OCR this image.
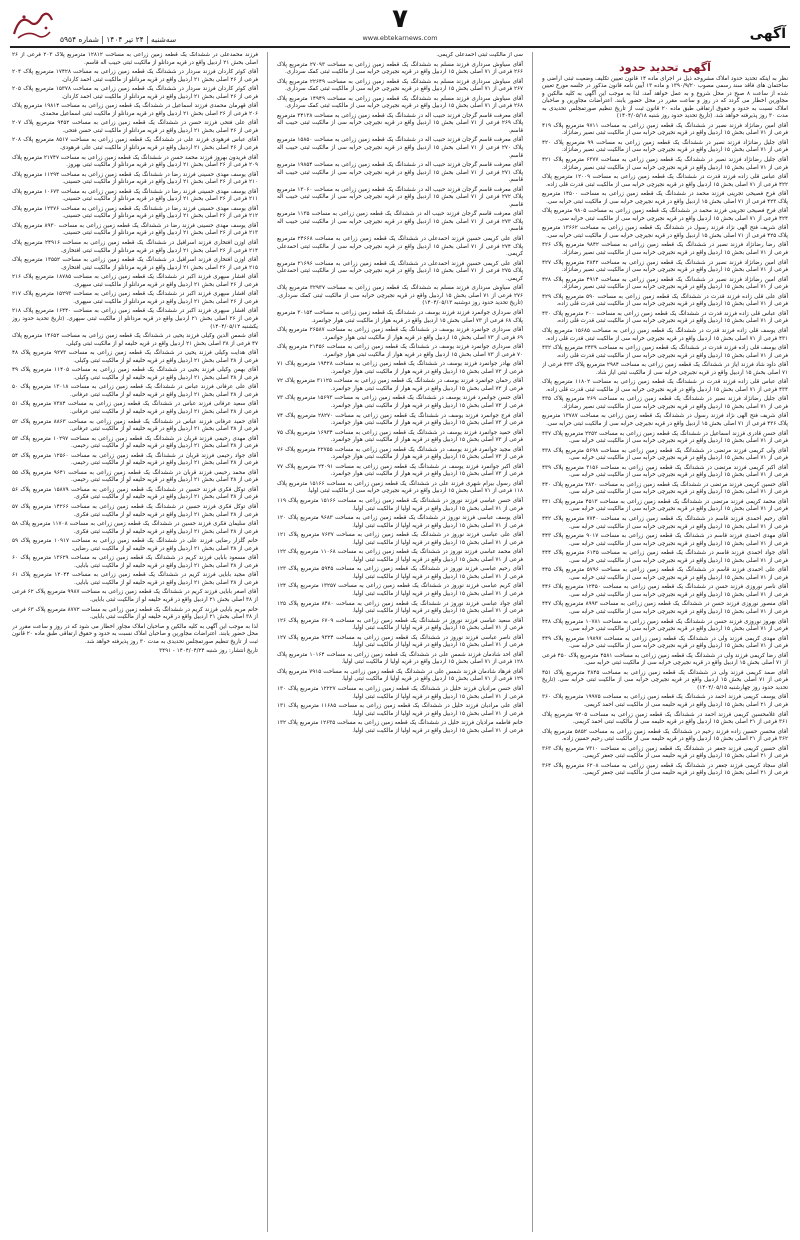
سه‌شنبه | ۲۴ تیر ۱۴۰۴ | شماره ۵۹۵۴
۷
www.ebtekarnews.com	آگهی
آگهی تحدید حدود

نظر به اینکه تحدید حدود املاک مشروحه ذیل در اجرای ماده ۱۴ قانون تعیین تکلیف وضعیت ثبتی اراضی و ساختمان های فاقد سند رسمی مصوب ۱۳۹۰/۹/۲۰ و ماده ۱۳ آیین نامه قانون مذکور در جلسه مورخ تعیین شده از ساعت ۸ صبح در محل شروع و به عمل خواهد آمد، لذا به موجب این آگهی به کلیه مالکین و مجاورین اخطار می گردد که در روز و ساعت مقرر در محل حضور یابند. اعتراضات مجاورین و صاحبان املاک نسبت به حدود و حقوق ارتفاقی طبق ماده ۲۰ قانون ثبت از تاریخ تنظیم صورتمجلس تحدیدی به مدت ۳۰ روز پذیرفته خواهد شد. (تاریخ تحدید حدود روز شنبه ۱۴۰۴/۰۵/۱۸)

آقای امین رضانژاد فرزند نصیر در ششدانگ یک قطعه زمین زراعی به مساحت ۹۷۱۱ مترمربع پلاک ۴۱۹ فرعی از ۷۱ اصلی بخش ۱۵ اردبیل واقع در قریه نجیرچی خرابه سی از مالکیت ثبتی نصیر رضانژاد.

آقای جلیل رضانژاد فرزند نصیر در ششدانگ یک قطعه زمین زراعی به مساحت ۹۹ مترمربع پلاک ۴۲۰ فرعی از ۷۱ اصلی بخش ۱۵ اردبیل واقع در قریه نجیرچی خرابه سی از مالکیت ثبتی نصیر رضانژاد.

آقای جلیل رضانژاد فرزند نصیر در ششدانگ یک قطعه زمین زراعی به مساحت ۶۳۷۷ مترمربع پلاک ۴۲۱ فرعی از ۷۱ اصلی بخش ۱۵ اردبیل واقع در قریه نجیرچی خرابه سی از مالکیت ثبتی نصیر رضانژاد.

آقای عباس قلی زاده فرزند قدرت در ششدانگ یک قطعه زمین زراعی به مساحت ۱۲۰۰۹ مترمربع پلاک ۴۲۲ فرعی از ۷۱ اصلی بخش ۱۵ اردبیل واقع در قریه نجیرچی خرابه سی از مالکیت ثبتی قدرت قلی زاده.

آقای فرخ فصیحی تجرینی فرزند محمد در ششدانگ یک قطعه زمین زراعی به مساحت ۱۴۵۰۰ مترمربع پلاک ۴۲۳ فرعی از ۷۱ اصلی بخش ۱۵ اردبیل واقع در قریه نجیرچی خرابه سی از مالکیت ثبتی خرابه سی.

آقای فرخ فصیحی تجرینی فرزند محمد در ششدانگ یک قطعه زمین زراعی به مساحت ۹۸۰۵ مترمربع پلاک ۴۲۴ فرعی از ۷۱ اصلی بخش ۱۵ اردبیل واقع در قریه نجیرچی خرابه سی از مالکیت ثبتی خرابه سی.

آقای شریف فتح الهی نژاد فرزند رسول در ششدانگ یک قطعه زمین زراعی به مساحت ۱۳۶۶۲ مترمربع پلاک ۴۲۵ فرعی از ۷۱ اصلی بخش ۱۵ اردبیل واقع در قریه نجیرچی خرابه سی از مالکیت ثبتی خرابه سی.

آقای رضا رضانژاد فرزند نصیر در ششدانگ یک قطعه زمین زراعی به مساحت ۹۸۴۲ مترمربع پلاک ۴۲۶ فرعی از ۷۱ اصلی بخش ۱۵ اردبیل واقع در قریه نجیرچی خرابه سی از مالکیت ثبتی نصیر رضانژاد.

آقای امین رضانژاد فرزند نصیر در ششدانگ یک قطعه زمین زراعی به مساحت ۲۸۴۲ مترمربع پلاک ۴۲۷ فرعی از ۷۱ اصلی بخش ۱۵ اردبیل واقع در قریه نجیرچی خرابه سی از مالکیت ثبتی نصیر رضانژاد.

آقای امین رضانژاد فرزند نصیر در ششدانگ یک قطعه زمین زراعی به مساحت ۴۹۱۴ مترمربع پلاک ۴۲۸ فرعی از ۷۱ اصلی بخش ۱۵ اردبیل واقع در قریه نجیرچی خرابه سی از مالکیت ثبتی نصیر رضانژاد.

آقای علی قلی زاده فرزند قدرت در ششدانگ یک قطعه زمین زراعی به مساحت ۵۹۰ مترمربع پلاک ۴۲۹ فرعی از ۷۱ اصلی بخش ۱۵ اردبیل واقع در قریه نجیرچی خرابه سی از مالکیت ثبتی قدرت قلی زاده.

آقای عباس قلی زاده فرزند قدرت در ششدانگ یک قطعه زمین زراعی به مساحت ۲۰۰ مترمربع پلاک ۴۳۰ فرعی از ۷۱ اصلی بخش ۱۵ اردبیل واقع در قریه نجیرچی خرابه سی از مالکیت ثبتی قدرت قلی زاده.

آقای یوسف قلی زاده فرزند قدرت در ششدانگ یک قطعه زمین زراعی به مساحت ۱۵۶۸۵ مترمربع پلاک ۴۳۱ فرعی از ۷۱ اصلی بخش ۱۵ اردبیل واقع در قریه نجیرچی خرابه سی از مالکیت ثبتی قدرت قلی زاده.

آقای یوسف قلی زاده فرزند قدرت در ششدانگ یک قطعه زمین زراعی به مساحت ۲۴۳۹ مترمربع پلاک ۴۳۲ فرعی از ۷۱ اصلی بخش ۱۵ اردبیل واقع در قریه نجیرچی خرابه سی از مالکیت ثبتی قدرت قلی زاده.

آقای داود شاد فرزند ایاز در ششدانگ یک قطعه زمین زراعی به مساحت ۲۹۸۴ مترمربع پلاک ۴۳۳ فرعی از ۷۱ اصلی بخش ۱۵ اردبیل واقع در قریه نجیرچی خرابه سی از مالکیت ثبتی ایاز شاد.

آقای عباس قلی زاده فرزند قدرت در ششدانگ یک قطعه زمین زراعی به مساحت ۱۱۸۰۲ مترمربع پلاک ۴۳۴ فرعی از ۷۱ اصلی بخش ۱۵ اردبیل واقع در قریه نجیرچی خرابه سی از مالکیت ثبتی قدرت قلی زاده.

آقای جلیل رضانژاد فرزند نصیر در ششدانگ یک قطعه زمین زراعی به مساحت ۲۶۹ مترمربع پلاک ۴۳۵ فرعی از ۷۱ اصلی بخش ۱۵ اردبیل واقع در قریه نجیرچی خرابه سی از مالکیت ثبتی نصیر رضانژاد.

آقای شریف فتح الهی نژاد فرزند رسول در ششدانگ یک قطعه زمین زراعی به مساحت ۱۳۷۸۷ مترمربع پلاک ۴۳۶ فرعی از ۷۱ اصلی بخش ۱۵ اردبیل واقع در قریه نجیرچی خرابه سی از مالکیت ثبتی خرابه سی.

آقای حسن قادری فرزند اسماعیل در ششدانگ یک قطعه زمین زراعی به مساحت ۲۲۵۲ مترمربع پلاک ۴۳۷ فرعی از ۷۱ اصلی بخش ۱۵ اردبیل واقع در قریه نجیرچی خرابه سی از مالکیت ثبتی خرابه سی.

آقای ولی کریمی فرزند مرتضی در ششدانگ یک قطعه زمین زراعی به مساحت ۵۶۹۸ مترمربع پلاک ۴۳۸ فرعی از ۷۱ اصلی بخش ۱۵ اردبیل واقع در قریه نجیرچی خرابه سی از مالکیت ثبتی خرابه سی.

آقای اکبر کریمی فرزند مرتضی در ششدانگ یک قطعه زمین زراعی به مساحت ۳۱۵۶ مترمربع پلاک ۴۳۹ فرعی از ۷۱ اصلی بخش ۱۵ اردبیل واقع در قریه نجیرچی خرابه سی از مالکیت ثبتی خرابه سی.

آقای حسین کریمی فرزند مرتضی در ششدانگ یک قطعه زمین زراعی به مساحت ۲۸۲۰ مترمربع پلاک ۴۴۰ فرعی از ۷۱ اصلی بخش ۱۵ اردبیل واقع در قریه نجیرچی خرابه سی از مالکیت ثبتی خرابه سی.

آقای محمد کریمی فرزند مرتضی در ششدانگ یک قطعه زمین زراعی به مساحت ۴۵۱۳ مترمربع پلاک ۴۴۱ فرعی از ۷۱ اصلی بخش ۱۵ اردبیل واقع در قریه نجیرچی خرابه سی از مالکیت ثبتی خرابه سی.

آقای رحیم احمدی فرزند قاسم در ششدانگ یک قطعه زمین زراعی به مساحت ۷۷۴۰ مترمربع پلاک ۴۴۲ فرعی از ۷۱ اصلی بخش ۱۵ اردبیل واقع در قریه نجیرچی خرابه سی از مالکیت ثبتی خرابه سی.

آقای مهدی احمدی فرزند قاسم در ششدانگ یک قطعه زمین زراعی به مساحت ۹۰۱۷ مترمربع پلاک ۴۴۳ فرعی از ۷۱ اصلی بخش ۱۵ اردبیل واقع در قریه نجیرچی خرابه سی از مالکیت ثبتی خرابه سی.

آقای جواد احمدی فرزند قاسم در ششدانگ یک قطعه زمین زراعی به مساحت ۶۱۴۵ مترمربع پلاک ۴۴۴ فرعی از ۷۱ اصلی بخش ۱۵ اردبیل واقع در قریه نجیرچی خرابه سی از مالکیت ثبتی خرابه سی.

آقای علی احمدی فرزند قاسم در ششدانگ یک قطعه زمین زراعی به مساحت ۵۷۹۶ مترمربع پلاک ۴۴۵ فرعی از ۷۱ اصلی بخش ۱۵ اردبیل واقع در قریه نجیرچی خرابه سی از مالکیت ثبتی خرابه سی.

آقای ناصر نوروزی فرزند حسن در ششدانگ یک قطعه زمین زراعی به مساحت ۱۲۴۵۰ مترمربع پلاک ۴۴۶ فرعی از ۷۱ اصلی بخش ۱۵ اردبیل واقع در قریه نجیرچی خرابه سی از مالکیت ثبتی خرابه سی.

آقای منصور نوروزی فرزند حسن در ششدانگ یک قطعه زمین زراعی به مساحت ۸۹۹۳ مترمربع پلاک ۴۴۷ فرعی از ۷۱ اصلی بخش ۱۵ اردبیل واقع در قریه نجیرچی خرابه سی از مالکیت ثبتی خرابه سی.

آقای بهروز نوروزی فرزند حسن در ششدانگ یک قطعه زمین زراعی به مساحت ۱۰۷۸۱ مترمربع پلاک ۴۴۸ فرعی از ۷۱ اصلی بخش ۱۵ اردبیل واقع در قریه نجیرچی خرابه سی از مالکیت ثبتی خرابه سی.

آقای مهدی کریمی فرزند ولی در ششدانگ یک قطعه زمین زراعی به مساحت ۱۹۸۹۷ مترمربع پلاک ۴۴۹ فرعی از ۷۱ اصلی بخش ۱۵ اردبیل واقع در قریه نجیرچی خرابه سی از مالکیت ثبتی خرابه سی.

آقای رضا کریمی فرزند ولی در ششدانگ یک قطعه زمین زراعی به مساحت ۴۵۸۱ مترمربع پلاک ۴۵۰ فرعی از ۷۱ اصلی بخش ۱۵ اردبیل واقع در قریه نجیرچی خرابه سی از مالکیت ثبتی خرابه سی.

آقای صمد کریمی فرزند ولی در ششدانگ یک قطعه زمین زراعی به مساحت ۳۸۴۵ مترمربع پلاک ۴۵۱ فرعی از ۷۱ اصلی بخش ۱۵ اردبیل واقع در قریه نجیرچی خرابه سی از مالکیت ثبتی خرابه سی. (تاریخ تحدید حدود روز چهارشنبه ۱۴۰۴/۰۵/۱۵)

آقای یوسف کریمی فرزند احمد در ششدانگ یک قطعه زمین زراعی به مساحت ۱۹۹۷۵ مترمربع پلاک ۳۶۰ فرعی از ۲۱ اصلی بخش ۱۵ اردبیل واقع در قریه حلیمه سی از مالکیت ثبتی احمد کریمی.

آقای غلامحسین کریمی فرزند احمد در ششدانگ یک قطعه زمین زراعی به مساحت ۹۲۰۵ مترمربع پلاک ۳۶۱ فرعی از ۲۱ اصلی بخش ۱۵ اردبیل واقع در قریه حلیمه سی از مالکیت ثبتی احمد کریمی.

آقای محسن حسین زاده فرزند رحیم در ششدانگ یک قطعه زمین زراعی به مساحت ۵۸۵۲ مترمربع پلاک ۳۶۲ فرعی از ۲۱ اصلی بخش ۱۵ اردبیل واقع در قریه حلیمه سی از مالکیت ثبتی رحیم حسین زاده.

آقای حسین کریمی فرزند جعفر در ششدانگ یک قطعه زمین زراعی به مساحت ۷۳۱۰ مترمربع پلاک ۳۶۳ فرعی از ۲۱ اصلی بخش ۱۵ اردبیل واقع در قریه حلیمه سی از مالکیت ثبتی جعفر کریمی.

آقای سجاد کریمی فرزند جعفر در ششدانگ یک قطعه زمین زراعی به مساحت ۶۲۰۸ مترمربع پلاک ۳۶۴ فرعی از ۲۱ اصلی بخش ۱۵ اردبیل واقع در قریه حلیمه سی از مالکیت ثبتی جعفر کریمی.

سی از مالکیت ثبتی احمدعلی کریمی.

آقای سیاوش سرداری فرزند مسلم به ششدانگ یک قطعه زمین زراعی به مساحت ۲۷۰۹۳ مترمربع پلاک ۲۶۶ فرعی از ۷۱ اصلی بخش ۱۵ اردبیل واقع در قریه نجیرچی خرابه سی از مالکیت ثبتی کمک سرداری.

آقای سیاوش سرداری فرزند مسلم به ششدانگ یک قطعه زمین زراعی به مساحت ۲۲۶۴۹ مترمربع پلاک ۲۶۷ فرعی از ۷۱ اصلی بخش ۱۵ اردبیل واقع در قریه نجیرچی خرابه سی از مالکیت ثبتی کمک سرداری.

آقای سیاوش سرداری فرزند مسلم به ششدانگ یک قطعه زمین زراعی به مساحت ۱۴۹۴۹ مترمربع پلاک ۲۶۸ فرعی از ۷۱ اصلی بخش ۱۵ اردبیل واقع در قریه نجیرچی خرابه سی از مالکیت ثبتی کمک سرداری.

آقای معرفت قاسم گرجان فرزند حبیب اله در ششدانگ یک قطعه زمین زراعی به مساحت ۳۴۱۳۸ مترمربع پلاک ۲۶۹ فرعی از ۷۱ اصلی بخش ۱۵ اردبیل واقع در قریه نجیرچی خرابه سی از مالکیت ثبتی حبیب اله قاسم.

آقای معرفت قاسم گرجان فرزند حبیب اله در ششدانگ یک قطعه زمین زراعی به مساحت ۱۵۸۵۰ مترمربع پلاک ۲۷۰ فرعی از ۷۱ اصلی بخش ۱۵ اردبیل واقع در قریه نجیرچی خرابه سی از مالکیت ثبتی حبیب اله قاسم.

آقای معرفت قاسم گرجان فرزند حبیب اله در ششدانگ یک قطعه زمین زراعی به مساحت ۱۹۸۵۴ مترمربع پلاک ۲۷۱ فرعی از ۷۱ اصلی بخش ۱۵ اردبیل واقع در قریه نجیرچی خرابه سی از مالکیت ثبتی حبیب اله قاسم.

آقای معرفت قاسم گرجان فرزند حبیب اله در ششدانگ یک قطعه زمین زراعی به مساحت ۱۳۰۶۰ مترمربع پلاک ۲۷۲ فرعی از ۷۱ اصلی بخش ۱۵ اردبیل واقع در قریه نجیرچی خرابه سی از مالکیت ثبتی حبیب اله قاسم.

آقای معرفت قاسم گرجان فرزند حبیب اله در ششدانگ یک قطعه زمین زراعی به مساحت ۱۱۳۵ مترمربع پلاک ۲۷۳ فرعی از ۷۱ اصلی بخش ۱۵ اردبیل واقع در قریه نجیرچی خرابه سی از مالکیت ثبتی حبیب اله قاسم.

آقای علی کریمی حسین فرزند احمدعلی در ششدانگ یک قطعه زمین زراعی به مساحت ۲۴۶۶۸ مترمربع پلاک ۲۷۴ فرعی از ۷۱ اصلی بخش ۱۵ اردبیل واقع در قریه نجیرچی خرابه سی از مالکیت ثبتی احمدعلی کریمی.

آقای علی کریمی حسین فرزند احمدعلی در ششدانگ یک قطعه زمین زراعی به مساحت ۲۱۶۹۶ مترمربع پلاک ۲۷۵ فرعی از ۷۱ اصلی بخش ۱۵ اردبیل واقع در قریه نجیرچی خرابه سی از مالکیت ثبتی احمدعلی کریمی.

آقای سیاوش سرداری فرزند مسلم به ششدانگ یک قطعه زمین زراعی به مساحت ۳۲۹۳۷ مترمربع پلاک ۲۷۶ فرعی از ۷۱ اصلی بخش ۱۵ اردبیل واقع در قریه نجیرچی خرابه سی از مالکیت ثبتی کمک سرداری. (تاریخ تحدید حدود روز دوشنبه ۱۴۰۴/۰۵/۱۳)

آقای سرداری جوانمرد فرزند فرزند یوسف در ششدانگ یک قطعه زمین زراعی به مساحت ۳۰۱۵۴ مترمربع پلاک ۶۸ فرعی از ۷۳ اصلی بخش ۱۵ اردبیل واقع در قریه هوار از مالکیت ثبتی هوار جوانمرد.

آقای سرداری جوانمرد فرزند یوسف در ششدانگ یک قطعه زمین زراعی به مساحت ۲۶۵۸۷ مترمربع پلاک ۶۹ فرعی از ۷۳ اصلی بخش ۱۵ اردبیل واقع در قریه هوار از مالکیت ثبتی هوار جوانمرد.

آقای سرداری جوانمرد فرزند یوسف در ششدانگ یک قطعه زمین زراعی به مساحت ۲۱۴۵۶ مترمربع پلاک ۷۰ فرعی از ۷۳ اصلی بخش ۱۵ اردبیل واقع در قریه هوار از مالکیت ثبتی هوار جوانمرد.

آقای بهادر جوانمرد فرزند یوسف در ششدانگ یک قطعه زمین زراعی به مساحت ۱۹۴۲۸ مترمربع پلاک ۷۱ فرعی از ۷۳ اصلی بخش ۱۵ اردبیل واقع در قریه هوار از مالکیت ثبتی هوار جوانمرد.

آقای رحمان جوانمرد فرزند یوسف در ششدانگ یک قطعه زمین زراعی به مساحت ۳۱۱۲۵ مترمربع پلاک ۷۲ فرعی از ۷۳ اصلی بخش ۱۵ اردبیل واقع در قریه هوار از مالکیت ثبتی هوار جوانمرد.

آقای حسن جوانمرد فرزند یوسف در ششدانگ یک قطعه زمین زراعی به مساحت ۱۵۶۹۳ مترمربع پلاک ۷۳ فرعی از ۷۳ اصلی بخش ۱۵ اردبیل واقع در قریه هوار از مالکیت ثبتی هوار جوانمرد.

آقای فرج جوانمرد فرزند یوسف در ششدانگ یک قطعه زمین زراعی به مساحت ۲۸۲۷۰ مترمربع پلاک ۷۴ فرعی از ۷۳ اصلی بخش ۱۵ اردبیل واقع در قریه هوار از مالکیت ثبتی هوار جوانمرد.

آقای حمید جوانمرد فرزند یوسف در ششدانگ یک قطعه زمین زراعی به مساحت ۱۶۹۳۴ مترمربع پلاک ۷۵ فرعی از ۷۳ اصلی بخش ۱۵ اردبیل واقع در قریه هوار از مالکیت ثبتی هوار جوانمرد.

آقای مجید جوانمرد فرزند یوسف در ششدانگ یک قطعه زمین زراعی به مساحت ۲۲۷۵۵ مترمربع پلاک ۷۶ فرعی از ۷۳ اصلی بخش ۱۵ اردبیل واقع در قریه هوار از مالکیت ثبتی هوار جوانمرد.

آقای اکبر جوانمرد فرزند یوسف در ششدانگ یک قطعه زمین زراعی به مساحت ۲۴۰۹۱ مترمربع پلاک ۷۷ فرعی از ۷۳ اصلی بخش ۱۵ اردبیل واقع در قریه هوار از مالکیت ثبتی هوار جوانمرد.

آقای رسول بیرام شهری فرزند علی در ششدانگ یک قطعه زمین زراعی به مساحت ۱۵۱۶۶ مترمربع پلاک ۱۱۸ فرعی از ۷۱ اصلی بخش ۱۵ اردبیل واقع در قریه نجیرچی خرابه سی از مالکیت ثبتی اولیا.

آقای حسن عباسی فرزند نوروز در ششدانگ یک قطعه زمین زراعی به مساحت ۱۵۱۶۶ مترمربع پلاک ۱۱۹ فرعی از ۷۱ اصلی بخش ۱۵ اردبیل واقع در قریه اولیا از مالکیت ثبتی اولیا.

آقای یوسف عباسی فرزند نوروز در ششدانگ یک قطعه زمین زراعی به مساحت ۹۶۸۳ مترمربع پلاک ۱۲۰ فرعی از ۷۱ اصلی بخش ۱۵ اردبیل واقع در قریه اولیا از مالکیت ثبتی اولیا.

آقای علی عباسی فرزند نوروز در ششدانگ یک قطعه زمین زراعی به مساحت ۷۶۳۷ مترمربع پلاک ۱۲۱ فرعی از ۷۱ اصلی بخش ۱۵ اردبیل واقع در قریه اولیا از مالکیت ثبتی اولیا.

آقای محمد عباسی فرزند نوروز در ششدانگ یک قطعه زمین زراعی به مساحت ۱۱۰۶۸ مترمربع پلاک ۱۲۲ فرعی از ۷۱ اصلی بخش ۱۵ اردبیل واقع در قریه اولیا از مالکیت ثبتی اولیا.

آقای رحیم عباسی فرزند نوروز در ششدانگ یک قطعه زمین زراعی به مساحت ۵۹۴۵ مترمربع پلاک ۱۲۳ فرعی از ۷۱ اصلی بخش ۱۵ اردبیل واقع در قریه اولیا از مالکیت ثبتی اولیا.

آقای کریم عباسی فرزند نوروز در ششدانگ یک قطعه زمین زراعی به مساحت ۱۳۲۵۷ مترمربع پلاک ۱۲۴ فرعی از ۷۱ اصلی بخش ۱۵ اردبیل واقع در قریه اولیا از مالکیت ثبتی اولیا.

آقای جواد عباسی فرزند نوروز در ششدانگ یک قطعه زمین زراعی به مساحت ۸۴۸۰ مترمربع پلاک ۱۲۵ فرعی از ۷۱ اصلی بخش ۱۵ اردبیل واقع در قریه اولیا از مالکیت ثبتی اولیا.

آقای سعید عباسی فرزند نوروز در ششدانگ یک قطعه زمین زراعی به مساحت ۶۷۰۹ مترمربع پلاک ۱۲۶ فرعی از ۷۱ اصلی بخش ۱۵ اردبیل واقع در قریه اولیا از مالکیت ثبتی اولیا.

آقای ناصر عباسی فرزند نوروز در ششدانگ یک قطعه زمین زراعی به مساحت ۹۳۲۴ مترمربع پلاک ۱۲۷ فرعی از ۷۱ اصلی بخش ۱۵ اردبیل واقع در قریه اولیا از مالکیت ثبتی اولیا.

آقای احد شادمان فرزند شمس علی در ششدانگ یک قطعه زمین زراعی به مساحت ۱۰۱۶۴ مترمربع پلاک ۱۲۸ فرعی از ۷۱ اصلی بخش ۱۵ اردبیل واقع در قریه اولیا از مالکیت ثبتی اولیا.

آقای فرهاد شادمان فرزند شمس علی در ششدانگ یک قطعه زمین زراعی به مساحت ۷۹۱۵ مترمربع پلاک ۱۲۹ فرعی از ۷۱ اصلی بخش ۱۵ اردبیل واقع در قریه اولیا از مالکیت ثبتی اولیا.

آقای حسن مرادیان فرزند خلیل در ششدانگ یک قطعه زمین زراعی به مساحت ۱۲۲۲۷ مترمربع پلاک ۱۳۰ فرعی از ۷۱ اصلی بخش ۱۵ اردبیل واقع در قریه اولیا از مالکیت ثبتی اولیا.

آقای علی مرادیان فرزند خلیل در ششدانگ یک قطعه زمین زراعی به مساحت ۱۱۶۸۵ مترمربع پلاک ۱۳۱ فرعی از ۷۱ اصلی بخش ۱۵ اردبیل واقع در قریه اولیا از مالکیت ثبتی اولیا.

خانم فاطمه مرادیان فرزند خلیل در ششدانگ یک قطعه زمین زراعی به مساحت ۱۲۶۳۵ مترمربع پلاک ۱۳۲ فرعی از ۷۱ اصلی بخش ۱۵ اردبیل واقع در قریه اولیا از مالکیت ثبتی اولیا.

فرزند محمدعلی در ششدانگ یک قطعه زمین زراعی به مساحت ۱۲۸۱۲ مترمربع پلاک ۲۰۳ فرعی از ۲۶ اصلی بخش ۲۱ اردبیل واقع در قریه مردانلو از مالکیت ثبتی حبیب اله قاسم.

آقای کوثر کاردان فرزند سردار در ششدانگ یک قطعه زمین زراعی به مساحت ۱۷۴۲۸ مترمربع پلاک ۲۰۴ فرعی از ۲۶ اصلی بخش ۲۱ اردبیل واقع در قریه مردانلو از مالکیت ثبتی احمد کاردان.

آقای کوثر کاردان فرزند سردار در ششدانگ یک قطعه زمین زراعی به مساحت ۱۵۳۷۸ مترمربع پلاک ۲۰۵ فرعی از ۲۶ اصلی بخش ۲۱ اردبیل واقع در قریه مردانلو از مالکیت ثبتی احمد کاردان.

آقای قهرمان محمدی فرزند اسماعیل در ششدانگ یک قطعه زمین زراعی به مساحت ۱۹۸۱۴ مترمربع پلاک ۲۰۶ فرعی از ۲۶ اصلی بخش ۲۱ اردبیل واقع در قریه مردانلو از مالکیت ثبتی اسماعیل محمدی.

آقای علی فتحی فرزند حسن در ششدانگ یک قطعه زمین زراعی به مساحت ۹۴۵۲ مترمربع پلاک ۲۰۷ فرعی از ۲۶ اصلی بخش ۲۱ اردبیل واقع در قریه مردانلو از مالکیت ثبتی حسن فتحی.

آقای عباس فرهودی فرزند علی در ششدانگ یک قطعه زمین زراعی به مساحت ۸۵۱۷ مترمربع پلاک ۲۰۸ فرعی از ۲۶ اصلی بخش ۲۱ اردبیل واقع در قریه مردانلو از مالکیت ثبتی علی فرهودی.

آقای فریدون بهروز فرزند محمد حسن در ششدانگ یک قطعه زمین زراعی به مساحت ۲۱۷۴۷ مترمربع پلاک ۲۰۹ فرعی از ۲۶ اصلی بخش ۲۱ اردبیل واقع در قریه مردانلو از مالکیت ثبتی بهروز.

آقای یوسف مهدی حسینی فرزند رضا در ششدانگ یک قطعه زمین زراعی به مساحت ۱۱۲۹۴ مترمربع پلاک ۲۱۰ فرعی از ۲۶ اصلی بخش ۲۱ اردبیل واقع در قریه مردانلو از مالکیت ثبتی حسینی.

آقای یوسف مهدی حسینی فرزند رضا در ششدانگ یک قطعه زمین زراعی به مساحت ۱۰۶۷۳ مترمربع پلاک ۲۱۱ فرعی از ۲۶ اصلی بخش ۲۱ اردبیل واقع در قریه مردانلو از مالکیت ثبتی حسینی.

آقای یوسف مهدی حسینی فرزند رضا در ششدانگ یک قطعه زمین زراعی به مساحت ۱۲۳۷۶ مترمربع پلاک ۲۱۲ فرعی از ۲۶ اصلی بخش ۲۱ اردبیل واقع در قریه مردانلو از مالکیت ثبتی حسینی.

آقای یوسف مهدی حسینی فرزند رضا در ششدانگ یک قطعه زمین زراعی به مساحت ۸۹۳۰ مترمربع پلاک ۲۱۳ فرعی از ۲۶ اصلی بخش ۲۱ اردبیل واقع در قریه مردانلو از مالکیت ثبتی حسینی.

آقای اوزن افتخاری فرزند اسرافیل در ششدانگ یک قطعه زمین زراعی به مساحت ۲۴۹۱۶ مترمربع پلاک ۲۱۴ فرعی از ۲۶ اصلی بخش ۲۱ اردبیل واقع در قریه مردانلو از مالکیت ثبتی افتخاری.

آقای اوزن افتخاری فرزند اسرافیل در ششدانگ یک قطعه زمین زراعی به مساحت ۱۳۵۵۲ مترمربع پلاک ۲۱۵ فرعی از ۲۶ اصلی بخش ۲۱ اردبیل واقع در قریه مردانلو از مالکیت ثبتی افتخاری.

آقای افشار سپهری فرزند اکبر در ششدانگ یک قطعه زمین زراعی به مساحت ۱۸۷۸۵ مترمربع پلاک ۲۱۶ فرعی از ۲۶ اصلی بخش ۲۱ اردبیل واقع در قریه مردانلو از مالکیت ثبتی سپهری.

آقای افشار سپهری فرزند اکبر در ششدانگ یک قطعه زمین زراعی به مساحت ۱۵۲۹۳ مترمربع پلاک ۲۱۷ فرعی از ۲۶ اصلی بخش ۲۱ اردبیل واقع در قریه مردانلو از مالکیت ثبتی سپهری.

آقای افشار سپهری فرزند اکبر در ششدانگ یک قطعه زمین زراعی به مساحت ۱۶۴۴۰ مترمربع پلاک ۲۱۸ فرعی از ۲۶ اصلی بخش ۲۱ اردبیل واقع در قریه مردانلو از مالکیت ثبتی سپهری. (تاریخ تحدید حدود روز یکشنبه ۱۴۰۴/۰۵/۱۲)

آقای شمس الدین وکیلی فرزند یحیی در ششدانگ یک قطعه زمین زراعی به مساحت ۱۴۶۵۲ مترمربع پلاک ۴۷ فرعی از ۳۸ اصلی بخش ۲۱ اردبیل واقع در قریه خلیفه لو از مالکیت ثبتی وکیلی.

آقای هدایت وکیلی فرزند یحیی در ششدانگ یک قطعه زمین زراعی به مساحت ۹۲۷۳ مترمربع پلاک ۴۸ فرعی از ۳۸ اصلی بخش ۲۱ اردبیل واقع در قریه خلیفه لو از مالکیت ثبتی وکیلی.

آقای بهمن وکیلی فرزند یحیی در ششدانگ یک قطعه زمین زراعی به مساحت ۱۱۴۰۵ مترمربع پلاک ۴۹ فرعی از ۳۸ اصلی بخش ۲۱ اردبیل واقع در قریه خلیفه لو از مالکیت ثبتی وکیلی.

آقای علی عرفانی فرزند عباس در ششدانگ یک قطعه زمین زراعی به مساحت ۱۳۰۱۸ مترمربع پلاک ۵۰ فرعی از ۳۸ اصلی بخش ۲۱ اردبیل واقع در قریه خلیفه لو از مالکیت ثبتی عرفانی.

آقای سعید عرفانی فرزند عباس در ششدانگ یک قطعه زمین زراعی به مساحت ۷۳۸۴ مترمربع پلاک ۵۱ فرعی از ۳۸ اصلی بخش ۲۱ اردبیل واقع در قریه خلیفه لو از مالکیت ثبتی عرفانی.

آقای حمید عرفانی فرزند عباس در ششدانگ یک قطعه زمین زراعی به مساحت ۸۸۶۳ مترمربع پلاک ۵۲ فرعی از ۳۸ اصلی بخش ۲۱ اردبیل واقع در قریه خلیفه لو از مالکیت ثبتی عرفانی.

آقای مهدی رحیمی فرزند قربان در ششدانگ یک قطعه زمین زراعی به مساحت ۱۰۲۹۷ مترمربع پلاک ۵۳ فرعی از ۳۸ اصلی بخش ۲۱ اردبیل واقع در قریه خلیفه لو از مالکیت ثبتی رحیمی.

آقای جواد رحیمی فرزند قربان در ششدانگ یک قطعه زمین زراعی به مساحت ۱۲۵۶۰ مترمربع پلاک ۵۴ فرعی از ۳۸ اصلی بخش ۲۱ اردبیل واقع در قریه خلیفه لو از مالکیت ثبتی رحیمی.

آقای محمد رحیمی فرزند قربان در ششدانگ یک قطعه زمین زراعی به مساحت ۹۶۴۱ مترمربع پلاک ۵۵ فرعی از ۳۸ اصلی بخش ۲۱ اردبیل واقع در قریه خلیفه لو از مالکیت ثبتی رحیمی.

آقای توکل فکری فرزند حسین در ششدانگ یک قطعه زمین زراعی به مساحت ۱۵۸۷۹ مترمربع پلاک ۵۶ فرعی از ۳۸ اصلی بخش ۲۱ اردبیل واقع در قریه خلیفه لو از مالکیت ثبتی فکری.

آقای توکل فکری فرزند حسین در ششدانگ یک قطعه زمین زراعی به مساحت ۱۴۲۶۶ مترمربع پلاک ۵۷ فرعی از ۳۸ اصلی بخش ۲۱ اردبیل واقع در قریه خلیفه لو از مالکیت ثبتی فکری.

آقای سلیمان فکری فرزند حسین در ششدانگ یک قطعه زمین زراعی به مساحت ۱۱۷۰۸ مترمربع پلاک ۵۸ فرعی از ۳۸ اصلی بخش ۲۱ اردبیل واقع در قریه خلیفه لو از مالکیت ثبتی فکری.

خانم گلزار رضایی فرزند علی در ششدانگ یک قطعه زمین زراعی به مساحت ۱۰۹۱۷ مترمربع پلاک ۵۹ فرعی از ۳۸ اصلی بخش ۲۱ اردبیل واقع در قریه خلیفه لو از مالکیت ثبتی رضایی.

آقای مسعود بابایی فرزند کریم در ششدانگ یک قطعه زمین زراعی به مساحت ۱۳۶۲۹ مترمربع پلاک ۶۰ فرعی از ۳۸ اصلی بخش ۲۱ اردبیل واقع در قریه خلیفه لو از مالکیت ثبتی بابایی.

آقای مجید بابایی فرزند کریم در ششدانگ یک قطعه زمین زراعی به مساحت ۱۲۰۴۴ مترمربع پلاک ۶۱ فرعی از ۳۸ اصلی بخش ۲۱ اردبیل واقع در قریه خلیفه لو از مالکیت ثبتی بابایی.

آقای اصغر بابایی فرزند کریم در ششدانگ یک قطعه زمین زراعی به مساحت ۹۹۸۷ مترمربع پلاک ۶۲ فرعی از ۳۸ اصلی بخش ۲۱ اردبیل واقع در قریه خلیفه لو از مالکیت ثبتی بابایی.

خانم مریم بابایی فرزند کریم در ششدانگ یک قطعه زمین زراعی به مساحت ۸۷۷۲ مترمربع پلاک ۶۳ فرعی از ۳۸ اصلی بخش ۲۱ اردبیل واقع در قریه خلیفه لو از مالکیت ثبتی بابایی.

لذا به موجب این آگهی به کلیه مالکین و صاحبان املاک مجاور اخطار می شود که در روز و ساعت مقرر در محل حضور یابند. اعتراضات مجاورین و صاحبان املاک نسبت به حدود و حقوق ارتفاقی طبق ماده ۲۰ قانون ثبت از تاریخ تنظیم صورتمجلس تحدیدی به مدت ۳۰ روز پذیرفته خواهد شد.

تاریخ انتشار: روز شنبه ۱۴۰۴/۰۴/۲۴ - ۳۴۹۱
